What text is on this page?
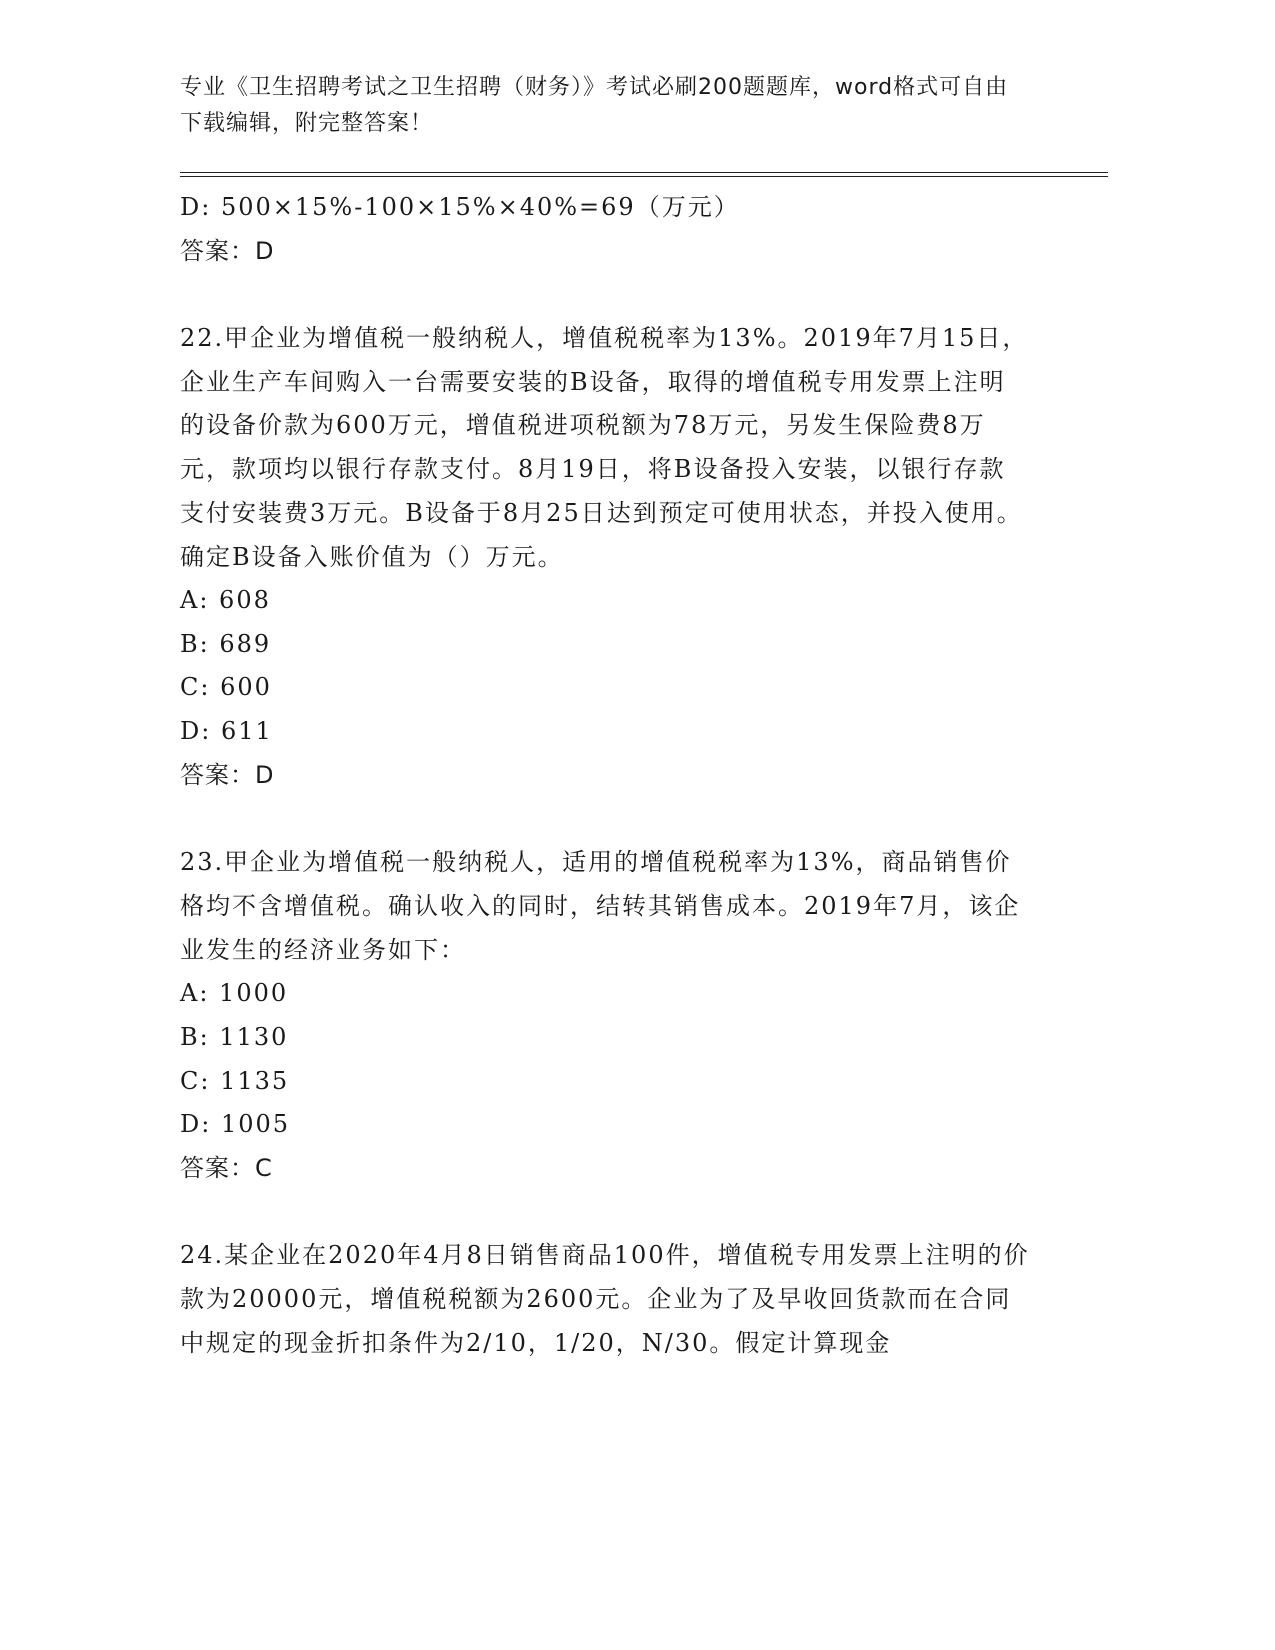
专业《卫生招聘考试之卫生招聘（财务）》考试必刷200题题库，word格式可自由下载编辑，附完整答案！
D: 500×15%-100×15%×40%=69（万元）
答案：D
22.甲企业为增值税一般纳税人，增值税税率为13%。2019年7月15日，企业生产车间购入一台需要安装的B设备，取得的增值税专用发票上注明的设备价款为600万元，增值税进项税额为78万元，另发生保险费8万元，款项均以银行存款支付。8月19日，将B设备投入安装，以银行存款支付安装费3万元。B设备于8月25日达到预定可使用状态，并投入使用。确定B设备入账价值为（）万元。
A: 608
B: 689
C: 600
D: 611
答案：D
23.甲企业为增值税一般纳税人，适用的增值税税率为13%，商品销售价格均不含增值税。确认收入的同时，结转其销售成本。2019年7月，该企业发生的经济业务如下：
A: 1000
B: 1130
C: 1135
D: 1005
答案：C
24.某企业在2020年4月8日销售商品100件，增值税专用发票上注明的价款为20000元，增值税税额为2600元。企业为了及早收回货款而在合同中规定的现金折扣条件为2/10，1/20，N/30。假定计算现金
